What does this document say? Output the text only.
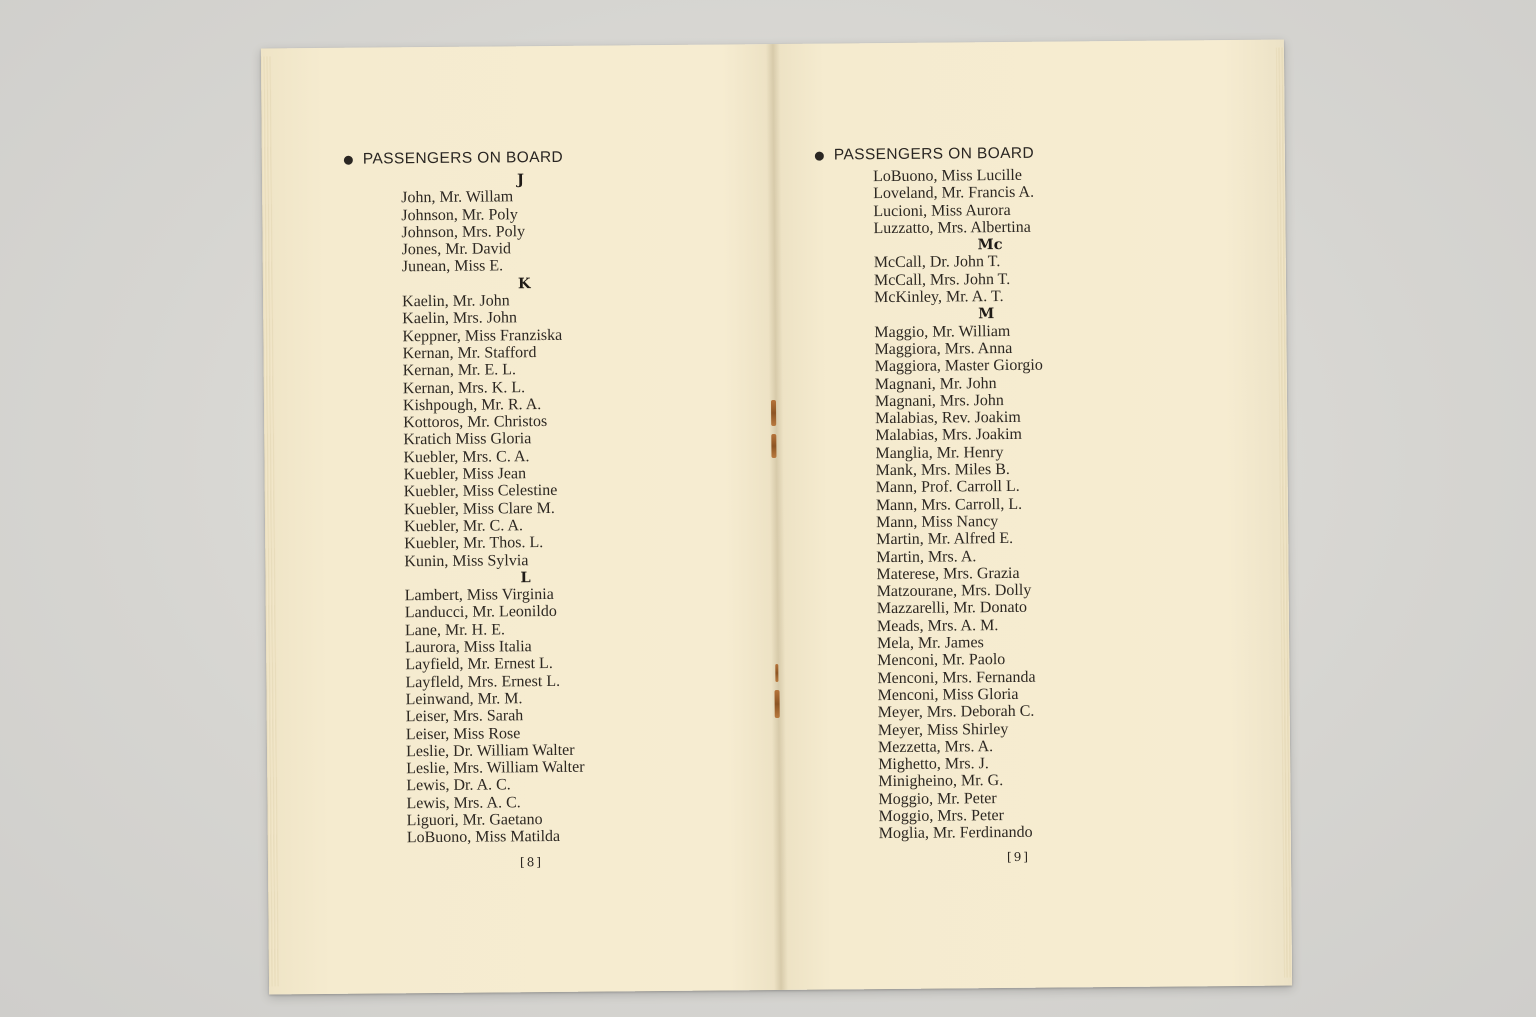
PASSENGERS ON BOARD
J
John, Mr. Willam
Johnson, Mr. Poly
Johnson, Mrs. Poly
Jones, Mr. David
Junean, Miss E.
K
Kaelin, Mr. John
Kaelin, Mrs. John
Keppner, Miss Franziska
Kernan, Mr. Stafford
Kernan, Mr. E. L.
Kernan, Mrs. K. L.
Kishpough, Mr. R. A.
Kottoros, Mr. Christos
Kratich Miss Gloria
Kuebler, Mrs. C. A.
Kuebler, Miss Jean
Kuebler, Miss Celestine
Kuebler, Miss Clare M.
Kuebler, Mr. C. A.
Kuebler, Mr. Thos. L.
Kunin, Miss Sylvia
L
Lambert, Miss Virginia
Landucci, Mr. Leonildo
Lane, Mr. H. E.
Laurora, Miss Italia
Layfield, Mr. Ernest L.
Layfleld, Mrs. Ernest L.
Leinwand, Mr. M.
Leiser, Mrs. Sarah
Leiser, Miss Rose
Leslie, Dr. William Walter
Leslie, Mrs. William Walter
Lewis, Dr. A. C.
Lewis, Mrs. A. C.
Liguori, Mr. Gaetano
LoBuono, Miss Matilda
[8]
PASSENGERS ON BOARD
LoBuono, Miss Lucille
Loveland, Mr. Francis A.
Lucioni, Miss Aurora
Luzzatto, Mrs. Albertina
Mc
McCall, Dr. John T.
McCall, Mrs. John T.
McKinley, Mr. A. T.
M
Maggio, Mr. William
Maggiora, Mrs. Anna
Maggiora, Master Giorgio
Magnani, Mr. John
Magnani, Mrs. John
Malabias, Rev. Joakim
Malabias, Mrs. Joakim
Manglia, Mr. Henry
Mank, Mrs. Miles B.
Mann, Prof. Carroll L.
Mann, Mrs. Carroll, L.
Mann, Miss Nancy
Martin, Mr. Alfred E.
Martin, Mrs. A.
Materese, Mrs. Grazia
Matzourane, Mrs. Dolly
Mazzarelli, Mr. Donato
Meads, Mrs. A. M.
Mela, Mr. James
Menconi, Mr. Paolo
Menconi, Mrs. Fernanda
Menconi, Miss Gloria
Meyer, Mrs. Deborah C.
Meyer, Miss Shirley
Mezzetta, Mrs. A.
Mighetto, Mrs. J.
Minigheino, Mr. G.
Moggio, Mr. Peter
Moggio, Mrs. Peter
Moglia, Mr. Ferdinando
[9]
